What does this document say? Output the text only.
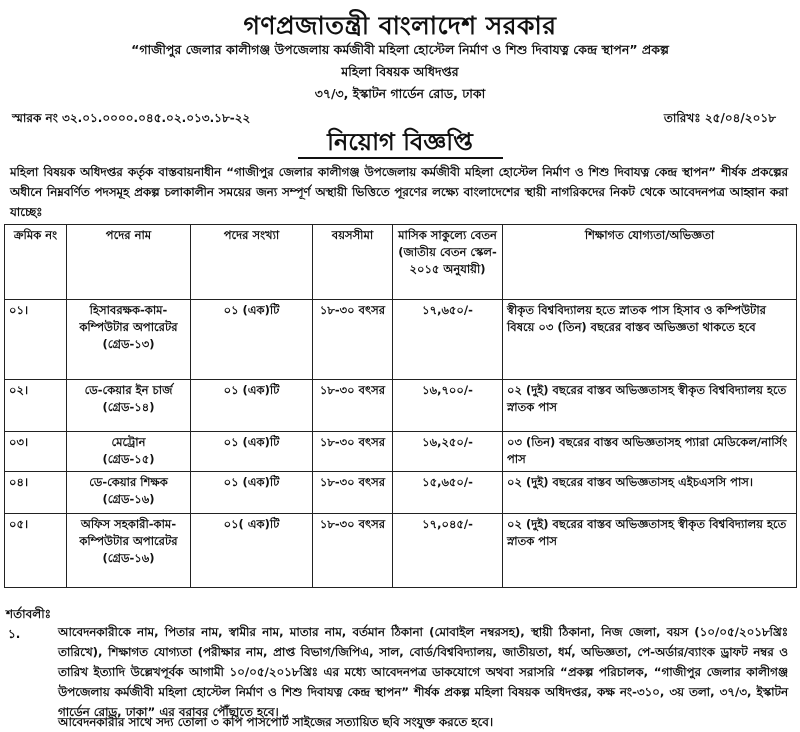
গণপ্রজাতন্ত্রী বাংলাদেশ সরকার
“গাজীপুর জেলার কালীগঞ্জ উপজেলায় কর্মজীবী মহিলা হোস্টেল নির্মাণ ও শিশু দিবাযত্ন কেন্দ্র স্থাপন” প্রকল্প
মহিলা বিষয়ক অধিদপ্তর
৩৭/৩, ইস্কাটন গার্ডেন রোড, ঢাকা
স্মারক নং ৩২.০১.০০০০.০৪৫.০২.০১৩.১৮-২২	তারিখঃ ২৫/০৪/২০১৮
নিয়োগ বিজ্ঞপ্তি
মহিলা বিষয়ক অধিদপ্তর কর্তৃক বাস্তবায়নাধীন “গাজীপুর জেলার কালীগঞ্জ উপজেলায় কর্মজীবী মহিলা হোস্টেল নির্মাণ ও শিশু দিবাযত্ন কেন্দ্র স্থাপন” শীর্ষক প্রকল্পের অধীনে নিম্নবর্ণিত পদসমূহ প্রকল্প চলাকালীন সময়ের জন্য সম্পূর্ণ অস্থায়ী ভিত্তিতে পূরণের লক্ষ্যে বাংলাদেশের স্থায়ী নাগরিকদের নিকট থেকে আবেদনপত্র আহ্বান করা যাচ্ছেঃ
ক্রমিক নং	পদের নাম	পদের সংখ্যা	বয়সসীমা	মাসিক সাকুল্যে বেতন (জাতীয় বেতন স্কেল- ২০১৫ অনুযায়ী)	শিক্ষাগত যোগ্যতা/অভিজ্ঞতা
০১।	হিসাবরক্ষক-কাম-কম্পিউটার অপারেটর
(গ্রেড-১৩)	০১ (এক)টি	১৮-৩০ বৎসর	১৭,৬৫০/-	স্বীকৃত বিশ্ববিদ্যালয় হতে স্নাতক পাস হিসাব ও কম্পিউটার বিষয়ে ০৩ (তিন) বছরের বাস্তব অভিজ্ঞতা থাকতে হবে
০২।	ডে-কেয়ার ইন চার্জ
(গ্রেড-১৪)	০১ (এক)টি	১৮-৩০ বৎসর	১৬,৭০০/-	০২ (দুই) বছরের বাস্তব অভিজ্ঞতাসহ স্বীকৃত বিশ্ববিদ্যালয় হতে স্নাতক পাস
০৩।	মেট্রোন
(গ্রেড-১৫)	০১ (এক)টি	১৮-৩০ বৎসর	১৬,২৫০/-	০৩ (তিন) বছরের বাস্তব অভিজ্ঞতাসহ প্যারা মেডিকেল/নার্সিং পাস
০৪।	ডে-কেয়ার শিক্ষক
(গ্রেড-১৬)	০১ (এক)টি	১৮-৩০ বৎসর	১৫,৬৫০/-	০২ (দুই) বছরের বাস্তব অভিজ্ঞতাসহ এইচএসসি পাস।
০৫।	অফিস সহকারী-কাম-কম্পিউটার অপারেটর
(গ্রেড-১৬)	০১( এক)টি	১৮-৩০ বৎসর	১৭,০৪৫/-	০২ (দুই) বছরের বাস্তব অভিজ্ঞতাসহ স্বীকৃত বিশ্ববিদ্যালয় হতে স্নাতক পাস
শর্তাবলীঃ
১.	আবেদনকারীকে নাম, পিতার নাম, স্বামীর নাম, মাতার নাম, বর্তমান ঠিকানা (মোবাইল নম্বরসহ), স্থায়ী ঠিকানা, নিজ জেলা, বয়স (১০/০৫/২০১৮খ্রিঃ তারিখে), শিক্ষাগত যোগ্যতা (পরীক্ষার নাম, প্রাপ্ত বিভাগ/জিপিএ, সাল, বোর্ড/বিশ্ববিদ্যালয়, জাতীয়তা, ধর্ম, অভিজ্ঞতা, পে-অর্ডার/ব্যাংক ড্রাফট নম্বর ও তারিখ ইত্যাদি উল্লেখপূর্বক আগামী ১০/০৫/২০১৮খ্রিঃ এর মধ্যে আবেদনপত্র ডাকযোগে অথবা সরাসরি “প্রকল্প পরিচালক, “গাজীপুর জেলার কালীগঞ্জ উপজেলায় কর্মজীবী মহিলা হোস্টেল নির্মাণ ও শিশু দিবাযত্ন কেন্দ্র স্থাপন” শীর্ষক প্রকল্প মহিলা বিষয়ক অধিদপ্তর, কক্ষ নং-৩১০, ৩য় তলা, ৩৭/৩, ইস্কাটন গার্ডেন রোড, ঢাকা” এর বরাবর পৌঁছাতে হবে।
আবেদনকারীর সাথে সদ্য তোলা ৩ কপি পাসপোর্ট সাইজের সত্যায়িত ছবি সংযুক্ত করতে হবে।
